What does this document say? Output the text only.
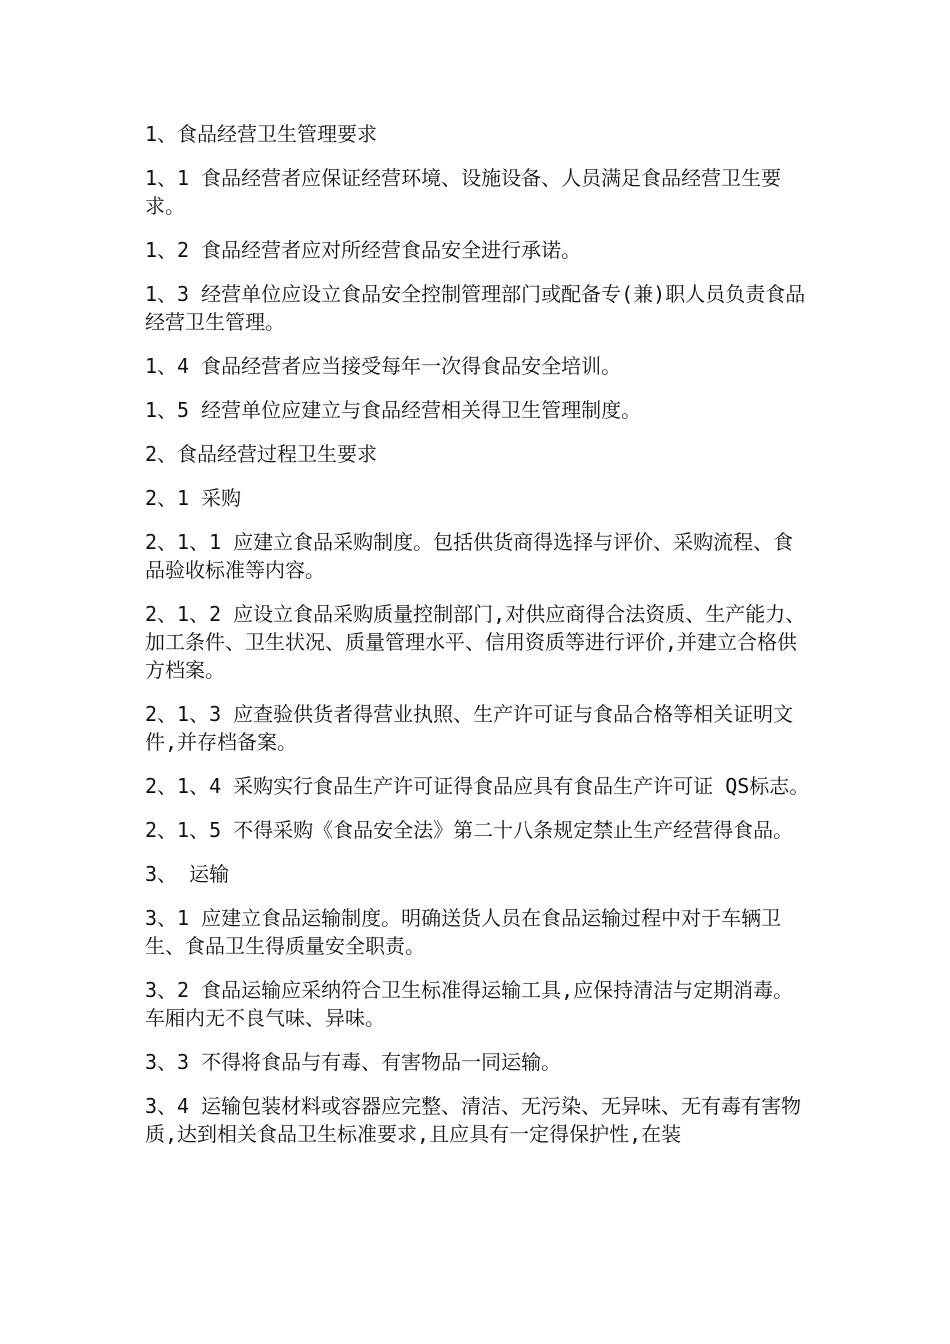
1、食品经营卫生管理要求

1、1 食品经营者应保证经营环境、设施设备、人员满足食品经营卫生要求。

1、2 食品经营者应对所经营食品安全进行承诺。

1、3 经营单位应设立食品安全控制管理部门或配备专(兼)职人员负责食品经营卫生管理。

1、4 食品经营者应当接受每年一次得食品安全培训。

1、5 经营单位应建立与食品经营相关得卫生管理制度。

2、食品经营过程卫生要求

2、1 采购

2、1、1 应建立食品采购制度。包括供货商得选择与评价、采购流程、食品验收标准等内容。

2、1、2 应设立食品采购质量控制部门,对供应商得合法资质、生产能力、加工条件、卫生状况、质量管理水平、信用资质等进行评价,并建立合格供方档案。

2、1、3 应查验供货者得营业执照、生产许可证与食品合格等相关证明文件,并存档备案。

2、1、4 采购实行食品生产许可证得食品应具有食品生产许可证 QS标志。

2、1、5 不得采购《食品安全法》第二十八条规定禁止生产经营得食品。

3、 运输

3、1 应建立食品运输制度。明确送货人员在食品运输过程中对于车辆卫生、食品卫生得质量安全职责。

3、2 食品运输应采纳符合卫生标准得运输工具,应保持清洁与定期消毒。车厢内无不良气味、异味。

3、3 不得将食品与有毒、有害物品一同运输。

3、4 运输包装材料或容器应完整、清洁、无污染、无异味、无有毒有害物质,达到相关食品卫生标准要求,且应具有一定得保护性,在装
